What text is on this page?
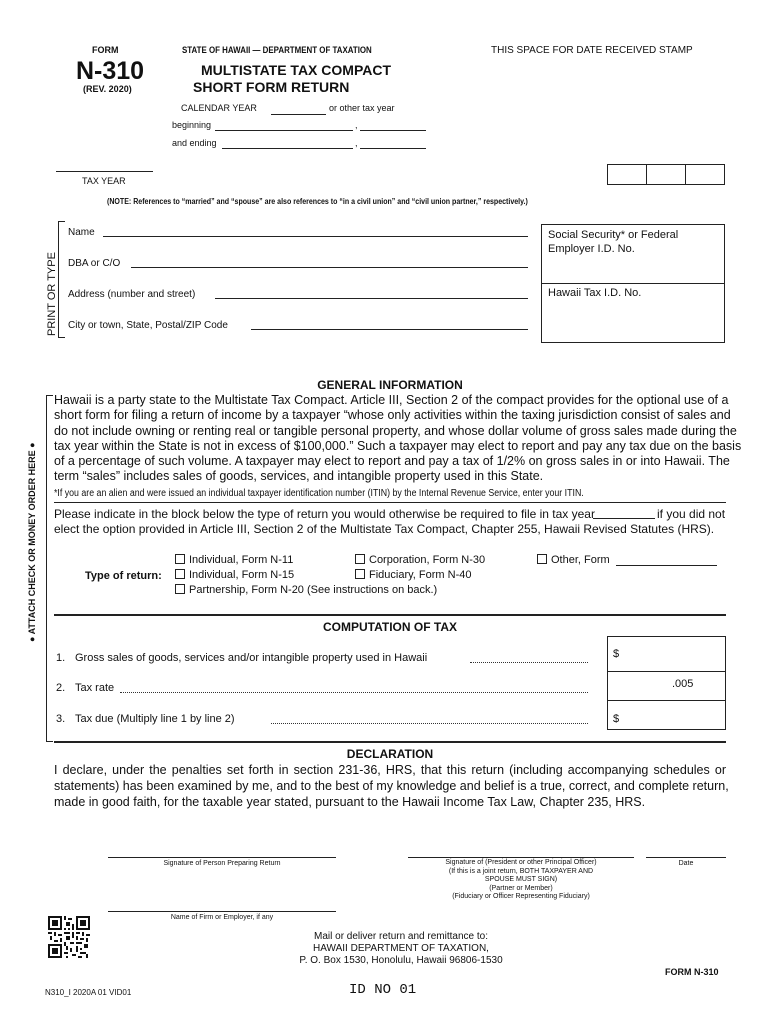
FORM
N-310
(REV. 2020)
STATE OF HAWAII — DEPARTMENT OF TAXATION
MULTISTATE TAX COMPACT
SHORT FORM RETURN
THIS SPACE FOR DATE RECEIVED STAMP
CALENDAR YEAR	or other tax year
beginning	,
and ending	,
TAX YEAR
(NOTE: References to “married” and “spouse” are also references to “in a civil union” and “civil union partner,” respectively.)
PRINT OR TYPE
Name
DBA or C/O
Address (number and street)
City or town, State, Postal/ZIP Code
Social Security* or Federal
Employer I.D. No.
Hawaii Tax I.D. No.
● ATTACH CHECK OR MONEY ORDER HERE ●
GENERAL INFORMATION
Hawaii is a party state to the Multistate Tax Compact. Article III, Section 2 of the compact provides for the optional use of a
short form for filing a return of income by a taxpayer “whose only activities within the taxing jurisdiction consist of sales and
do not include owning or renting real or tangible personal property, and whose dollar volume of gross sales made during the
tax year within the State is not in excess of $100,000.” Such a taxpayer may elect to report and pay any tax due on the basis
of a percentage of such volume. A taxpayer may elect to report and pay a tax of 1/2% on gross sales in or into Hawaii. The
term “sales” includes sales of goods, services, and intangible property used in this State.
*If you are an alien and were issued an individual taxpayer identification number (ITIN) by the Internal Revenue Service, enter your ITIN.
Please indicate in the block below the type of return you would otherwise be required to file in tax year	if you did not
elect the option provided in Article III, Section 2 of the Multistate Tax Compact, Chapter 255, Hawaii Revised Statutes (HRS).
Type of return:
Individual, Form N-11	Corporation, Form N-30	Other, Form
Individual, Form N-15	Fiduciary, Form N-40
Partnership, Form N-20 (See instructions on back.)
COMPUTATION OF TAX
1. Gross sales of goods, services and/or intangible property used in Hawaii	$
2. Tax rate	.005
3. Tax due (Multiply line 1 by line 2)	$
DECLARATION
I declare, under the penalties set forth in section 231-36, HRS, that this return (including accompanying schedules or
statements) has been examined by me, and to the best of my knowledge and belief is a true, correct, and complete return,
made in good faith, for the taxable year stated, pursuant to the Hawaii Income Tax Law, Chapter 235, HRS.
Signature of Person Preparing Return	Signature of (President or other Principal Officer)
(If this is a joint return, BOTH TAXPAYER AND
SPOUSE MUST SIGN)
(Partner or Member)
(Fiduciary or Officer Representing Fiduciary)
Date
Name of Firm or Employer, if any
Mail or deliver return and remittance to:
HAWAII DEPARTMENT OF TAXATION,
P. O. Box 1530, Honolulu, Hawaii 96806-1530
FORM N-310
N310_I 2020A 01 VID01	ID NO 01
